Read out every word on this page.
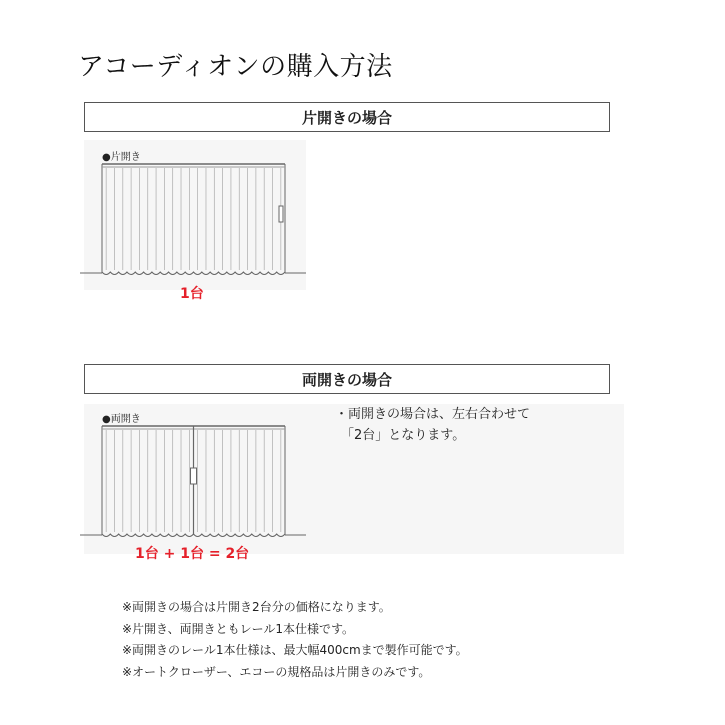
アコーディオンの購入方法
片開きの場合
●片開き
1台
両開きの場合
●両開き
1台 + 1台 = 2台
・両開きの場合は、左右合わせて
「2台」となります。
※両開きの場合は片開き2台分の価格になります。
※片開き、両開きともレール1本仕様です。
※両開きのレール1本仕様は、最大幅400cmまで製作可能です。
※オートクローザー、エコーの規格品は片開きのみです。
